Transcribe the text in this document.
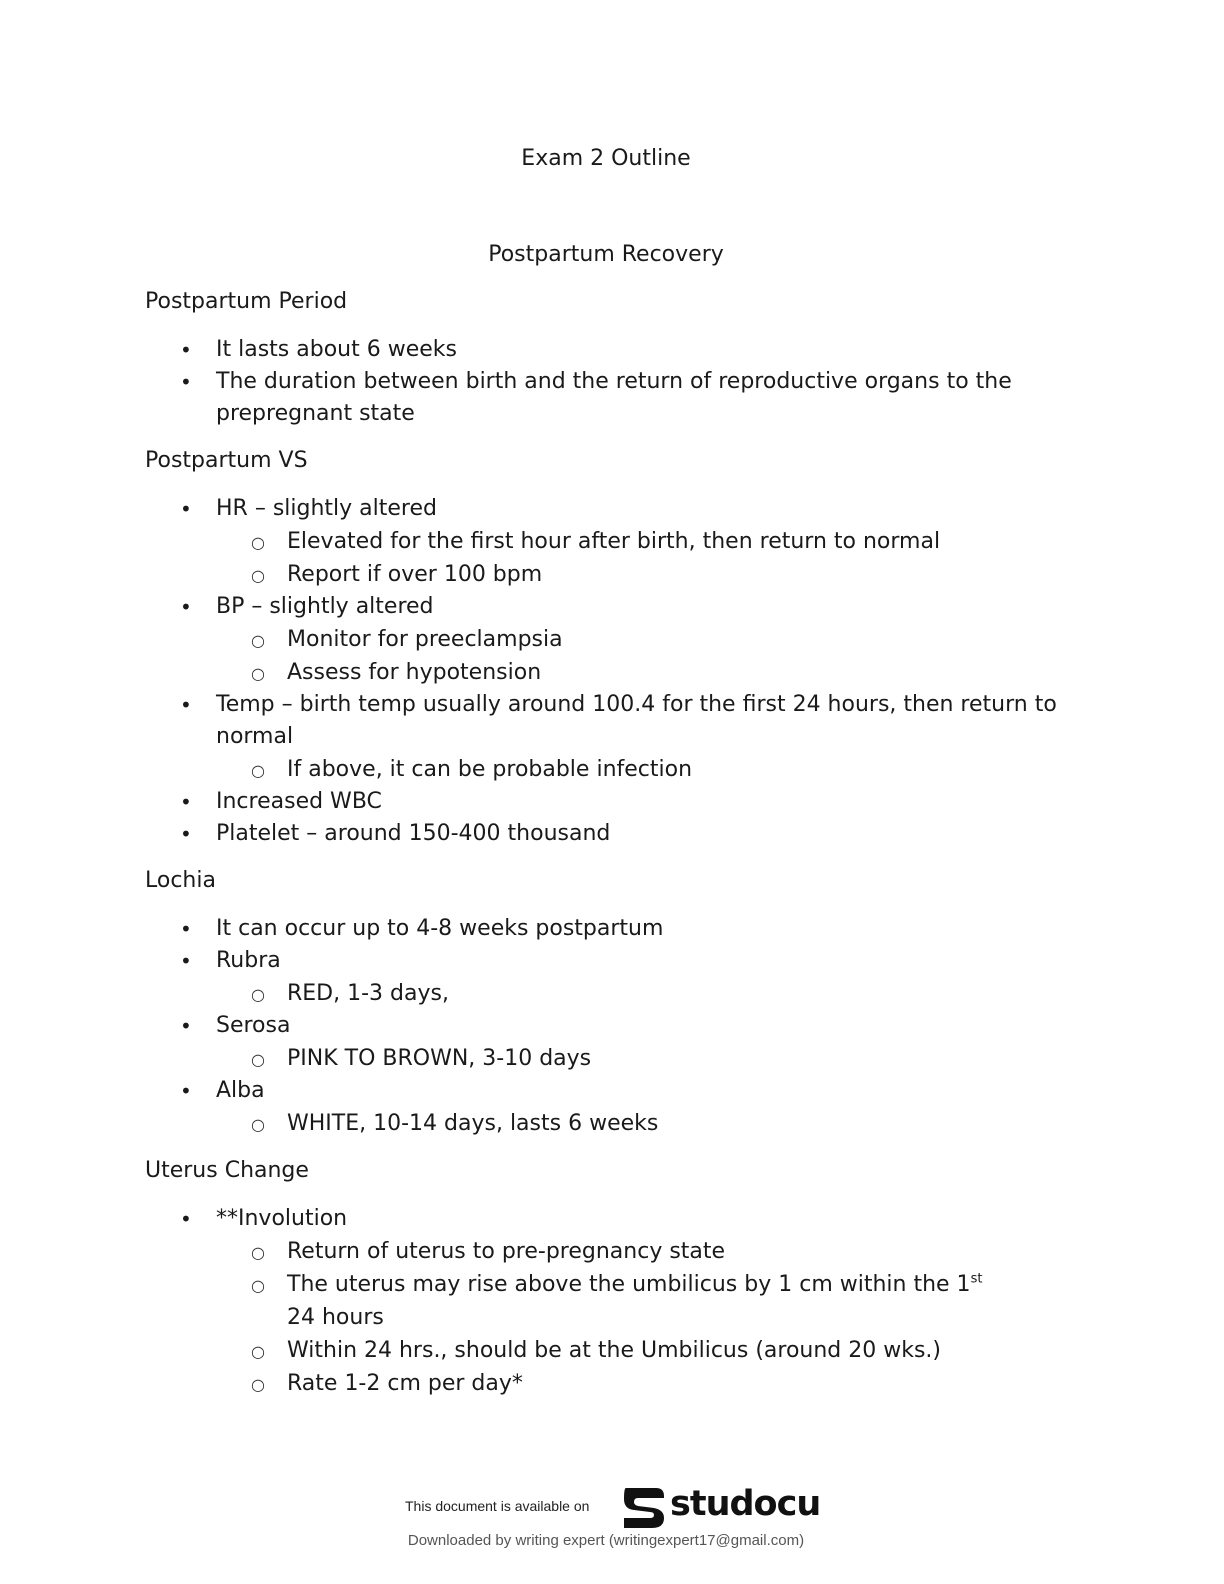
Exam 2 Outline
Postpartum Recovery
Postpartum Period
• It lasts about 6 weeks
• The duration between birth and the return of reproductive organs to the prepregnant state
Postpartum VS
• HR – slightly altered
○ Elevated for the first hour after birth, then return to normal
○ Report if over 100 bpm
• BP – slightly altered
○ Monitor for preeclampsia
○ Assess for hypotension
• Temp – birth temp usually around 100.4 for the first 24 hours, then return to normal
○ If above, it can be probable infection
• Increased WBC
• Platelet – around 150-400 thousand
Lochia
• It can occur up to 4-8 weeks postpartum
• Rubra
○ RED, 1-3 days,
• Serosa
○ PINK TO BROWN, 3-10 days
• Alba
○ WHITE, 10-14 days, lasts 6 weeks
Uterus Change
• **Involution
○ Return of uterus to pre-pregnancy state
○ The uterus may rise above the umbilicus by 1 cm within the 1st
24 hours
○ Within 24 hrs., should be at the Umbilicus (around 20 wks.)
○ Rate 1-2 cm per day*
This document is available on studocu
Downloaded by writing expert (writingexpert17@gmail.com)
